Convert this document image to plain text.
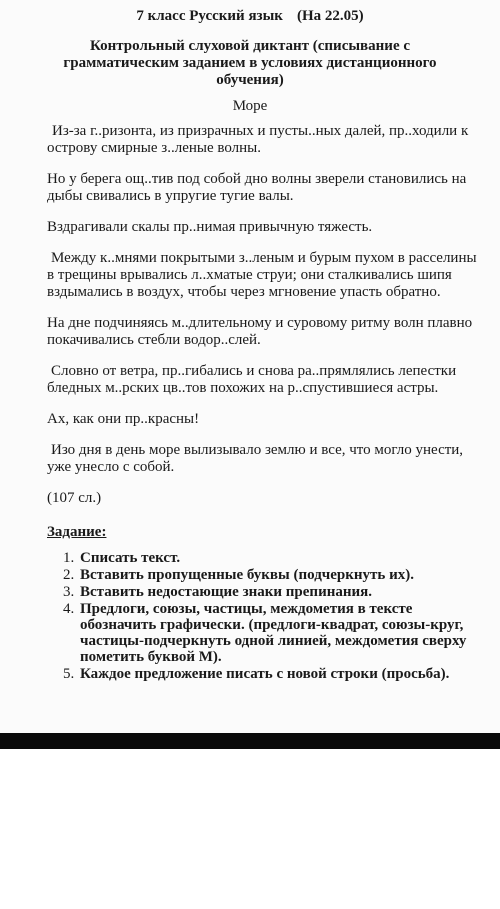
7 класс Русский язык (На 22.05)
Контрольный слуховой диктант (списывание с грамматическим заданием в условиях дистанционного обучения)
Море
Из-за г..ризонта, из призрачных и пусты..ных далей, пр..ходили к острову смирные з..леные волны.
Но у берега ощ..тив под собой дно волны зверели становились на дыбы свивались в упругие тугие валы.
Вздрагивали скалы пр..нимая привычную тяжесть.
Между к..мнями покрытыми з..леным и бурым пухом в расселины в трещины врывались л..хматые струи; они сталкивались шипя вздымались в воздух, чтобы через мгновение упасть обратно.
На дне подчиняясь м..длительному и суровому ритму волн плавно покачивались стебли водор..слей.
Словно от ветра, пр..гибались и снова ра..прямлялись лепестки бледных м..рских цв..тов похожих на р..спустившиеся астры.
Ах, как они пр..красны!
Изо дня в день море вылизывало землю и все, что могло унести, уже унесло с собой.
(107 сл.)
Задание:
1. Списать текст.
2. Вставить пропущенные буквы (подчеркнуть их).
3. Вставить недостающие знаки препинания.
4. Предлоги, союзы, частицы, междометия в тексте обозначить графически. (предлоги-квадрат, союзы-круг, частицы-подчеркнуть одной линией, междометия сверху пометить буквой М).
5. Каждое предложение писать с новой строки (просьба).
